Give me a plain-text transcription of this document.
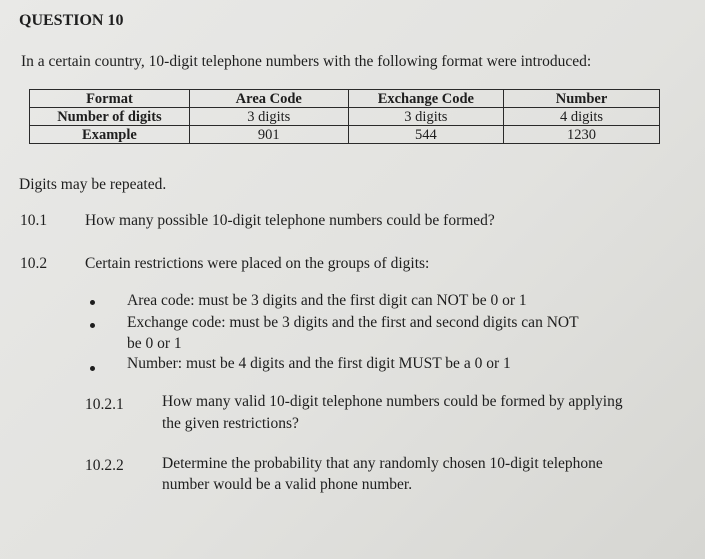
QUESTION 10
In a certain country, 10-digit telephone numbers with the following format were introduced:
Format	Area Code	Exchange Code	Number
Number of digits	3 digits	3 digits	4 digits
Example	901	544	1230
Digits may be repeated.
10.1 How many possible 10-digit telephone numbers could be formed?
10.2 Certain restrictions were placed on the groups of digits:
Area code: must be 3 digits and the first digit can NOT be 0 or 1
Exchange code: must be 3 digits and the first and second digits can NOT
be 0 or 1
Number: must be 4 digits and the first digit MUST be a 0 or 1
10.2.1 How many valid 10-digit telephone numbers could be formed by applying
the given restrictions?
10.2.2 Determine the probability that any randomly chosen 10-digit telephone
number would be a valid phone number.
